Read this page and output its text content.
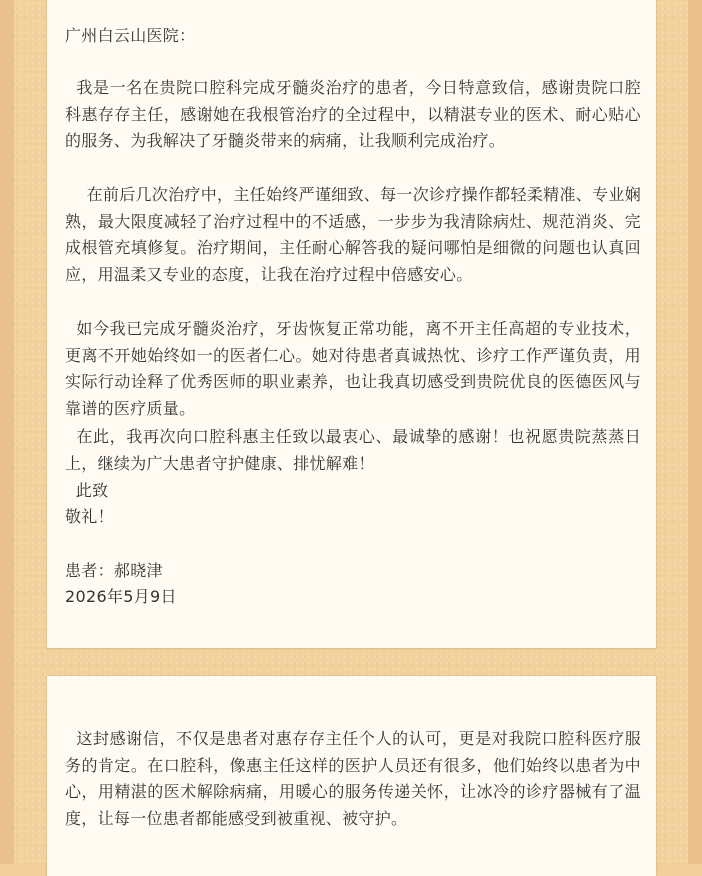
广州白云山医院：

我是一名在贵院口腔科完成牙髓炎治疗的患者，今日特意致信，感谢贵院口腔科惠存存主任，感谢她在我根管治疗的全过程中，以精湛专业的医术、耐心贴心的服务、为我解决了牙髓炎带来的病痛，让我顺利完成治疗。

在前后几次治疗中，主任始终严谨细致、每一次诊疗操作都轻柔精准、专业娴熟，最大限度减轻了治疗过程中的不适感，一步步为我清除病灶、规范消炎、完成根管充填修复。治疗期间，主任耐心解答我的疑问哪怕是细微的问题也认真回应，用温柔又专业的态度，让我在治疗过程中倍感安心。

如今我已完成牙髓炎治疗，牙齿恢复正常功能，离不开主任高超的专业技术，更离不开她始终如一的医者仁心。她对待患者真诚热忱、诊疗工作严谨负责，用实际行动诠释了优秀医师的职业素养，也让我真切感受到贵院优良的医德医风与靠谱的医疗质量。

在此，我再次向口腔科惠主任致以最衷心、最诚挚的感谢！也祝愿贵院蒸蒸日上，继续为广大患者守护健康、排忧解难！

此致

敬礼！

患者：郝晓津

2026年5月9日

这封感谢信，不仅是患者对惠存存主任个人的认可，更是对我院口腔科医疗服务的肯定。在口腔科，像惠主任这样的医护人员还有很多，他们始终以患者为中心，用精湛的医术解除病痛，用暖心的服务传递关怀，让冰冷的诊疗器械有了温度，让每一位患者都能感受到被重视、被守护。
